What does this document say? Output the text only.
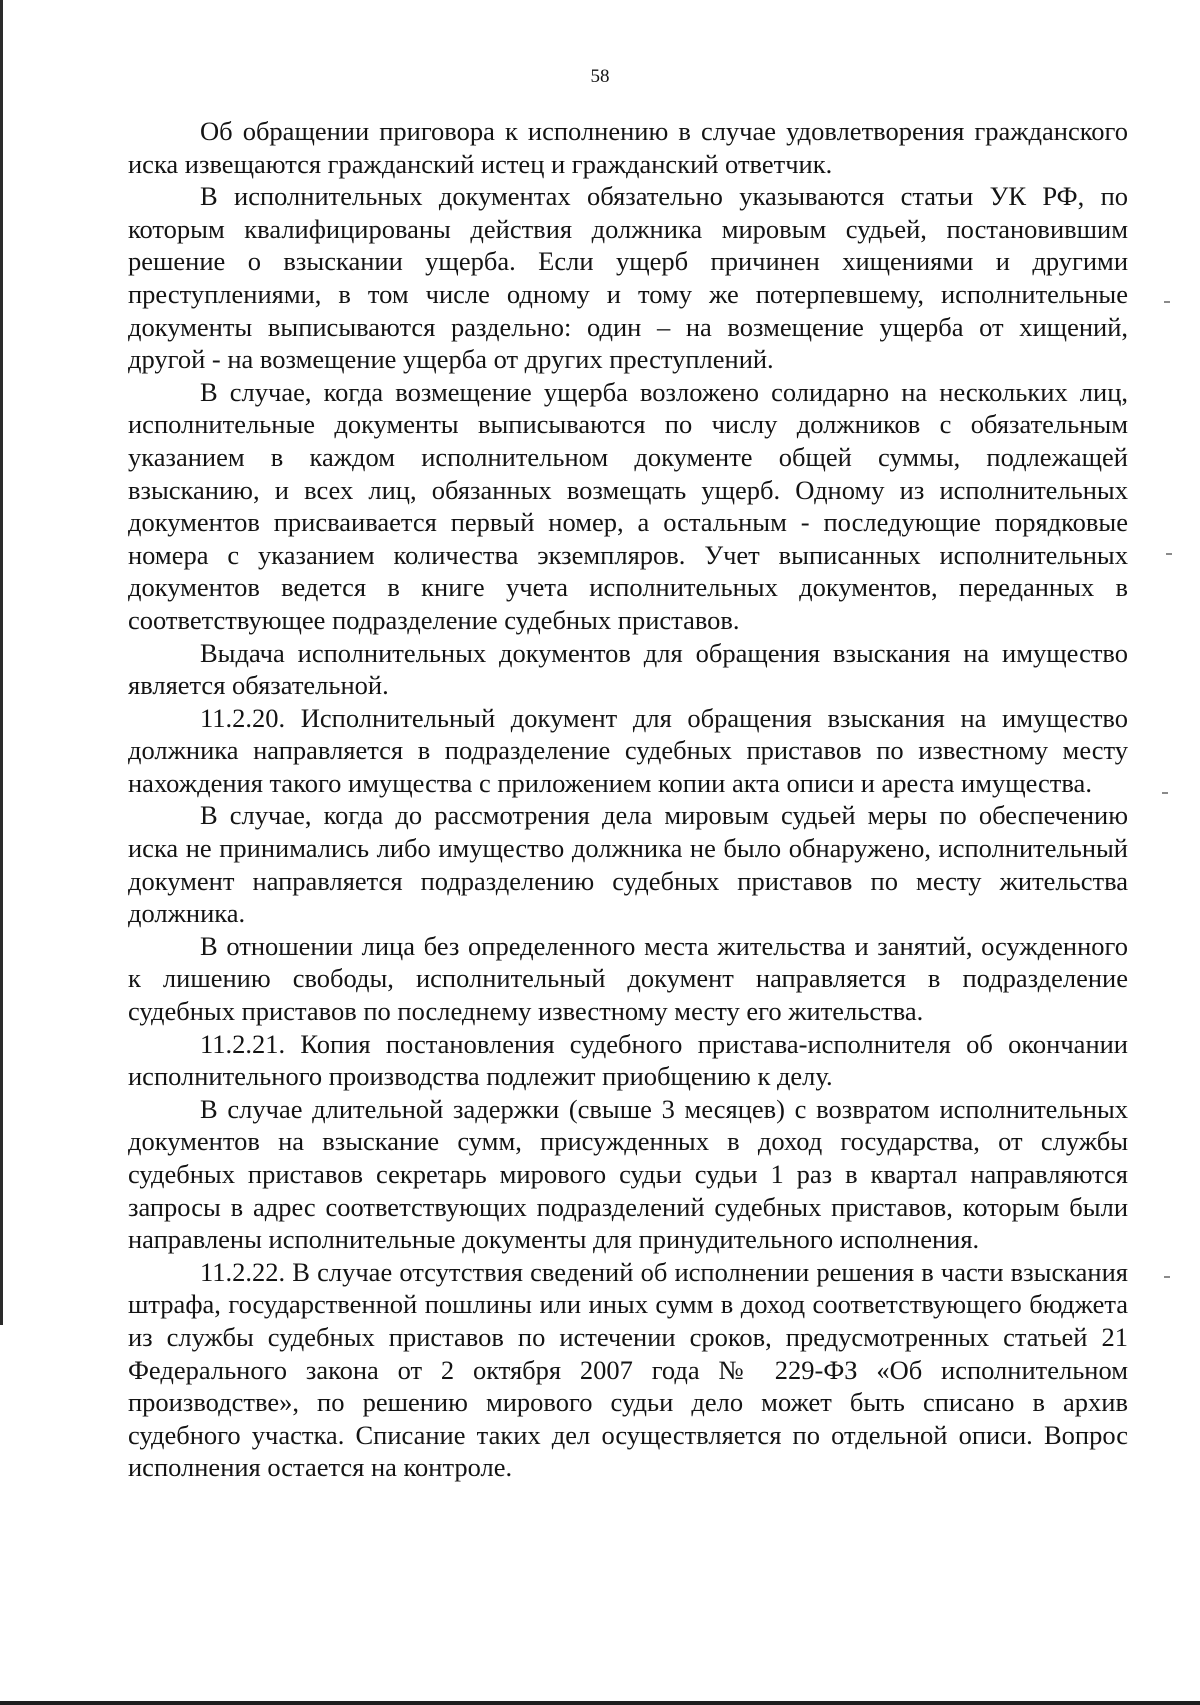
58

Об обращении приговора к исполнению в случае удовлетворения гражданского иска извещаются гражданский истец и гражданский ответчик.

В исполнительных документах обязательно указываются статьи УК РФ, по которым квалифицированы действия должника мировым судьей, постановившим решение о взыскании ущерба. Если ущерб причинен хищениями и другими преступлениями, в том числе одному и тому же потерпевшему, исполнительные документы выписываются раздельно: один – на возмещение ущерба от хищений, другой - на возмещение ущерба от других преступлений.

В случае, когда возмещение ущерба возложено солидарно на нескольких лиц, исполнительные документы выписываются по числу должников с обязательным указанием в каждом исполнительном документе общей суммы, подлежащей взысканию, и всех лиц, обязанных возмещать ущерб. Одному из исполнительных документов присваивается первый номер, а остальным - последующие порядковые номера с указанием количества экземпляров. Учет выписанных исполнительных документов ведется в книге учета исполнительных документов, переданных в соответствующее подразделение судебных приставов.

Выдача исполнительных документов для обращения взыскания на имущество является обязательной.

11.2.20. Исполнительный документ для обращения взыскания на имущество должника направляется в подразделение судебных приставов по известному месту нахождения такого имущества с приложением копии акта описи и ареста имущества.

В случае, когда до рассмотрения дела мировым судьей меры по обеспечению иска не принимались либо имущество должника не было обнаружено, исполнительный документ направляется подразделению судебных приставов по месту жительства должника.

В отношении лица без определенного места жительства и занятий, осужденного к лишению свободы, исполнительный документ направляется в подразделение судебных приставов по последнему известному месту его жительства.

11.2.21. Копия постановления судебного пристава-исполнителя об окончании исполнительного производства подлежит приобщению к делу.

В случае длительной задержки (свыше 3 месяцев) с возвратом исполнительных документов на взыскание сумм, присужденных в доход государства, от службы судебных приставов секретарь мирового судьи судьи 1 раз в квартал направляются запросы в адрес соответствующих подразделений судебных приставов, которым были направлены исполнительные документы для принудительного исполнения.

11.2.22. В случае отсутствия сведений об исполнении решения в части взыскания штрафа, государственной пошлины или иных сумм в доход соответствующего бюджета из службы судебных приставов по истечении сроков, предусмотренных статьей 21 Федерального закона от 2 октября 2007 года № 229-ФЗ «Об исполнительном производстве», по решению мирового судьи дело может быть списано в архив судебного участка. Списание таких дел осуществляется по отдельной описи. Вопрос исполнения остается на контроле.
